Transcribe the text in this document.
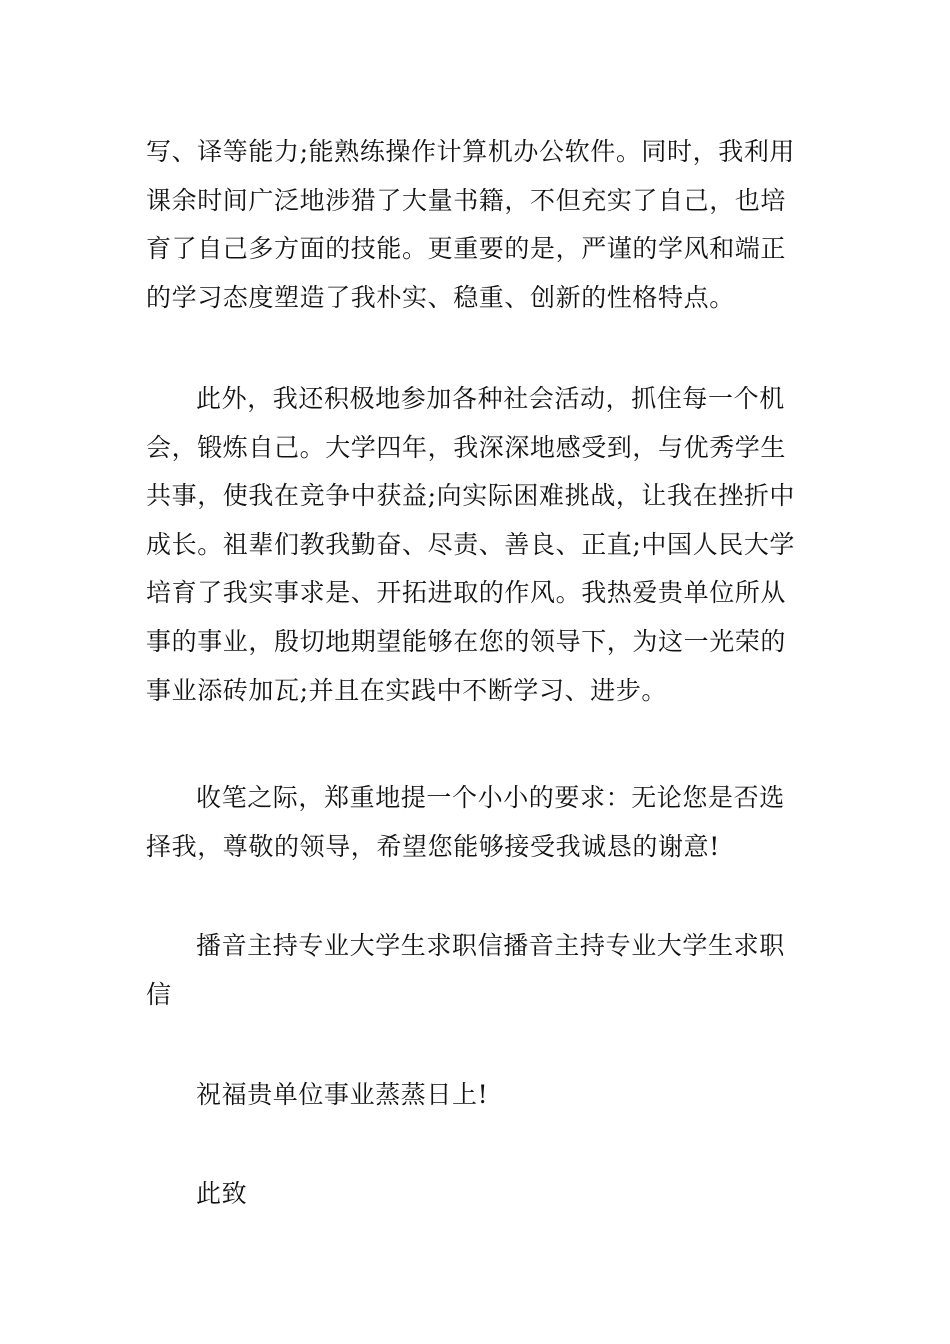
写、译等能力;能熟练操作计算机办公软件。同时，我利用
课余时间广泛地涉猎了大量书籍，不但充实了自己，也培
育了自己多方面的技能。更重要的是，严谨的学风和端正
的学习态度塑造了我朴实、稳重、创新的性格特点。
此外，我还积极地参加各种社会活动，抓住每一个机
会，锻炼自己。大学四年，我深深地感受到，与优秀学生
共事，使我在竞争中获益;向实际困难挑战，让我在挫折中
成长。祖辈们教我勤奋、尽责、善良、正直;中国人民大学
培育了我实事求是、开拓进取的作风。我热爱贵单位所从
事的事业，殷切地期望能够在您的领导下，为这一光荣的
事业添砖加瓦;并且在实践中不断学习、进步。
收笔之际，郑重地提一个小小的要求：无论您是否选
择我，尊敬的领导，希望您能够接受我诚恳的谢意!
播音主持专业大学生求职信播音主持专业大学生求职
信
祝福贵单位事业蒸蒸日上!
此致
